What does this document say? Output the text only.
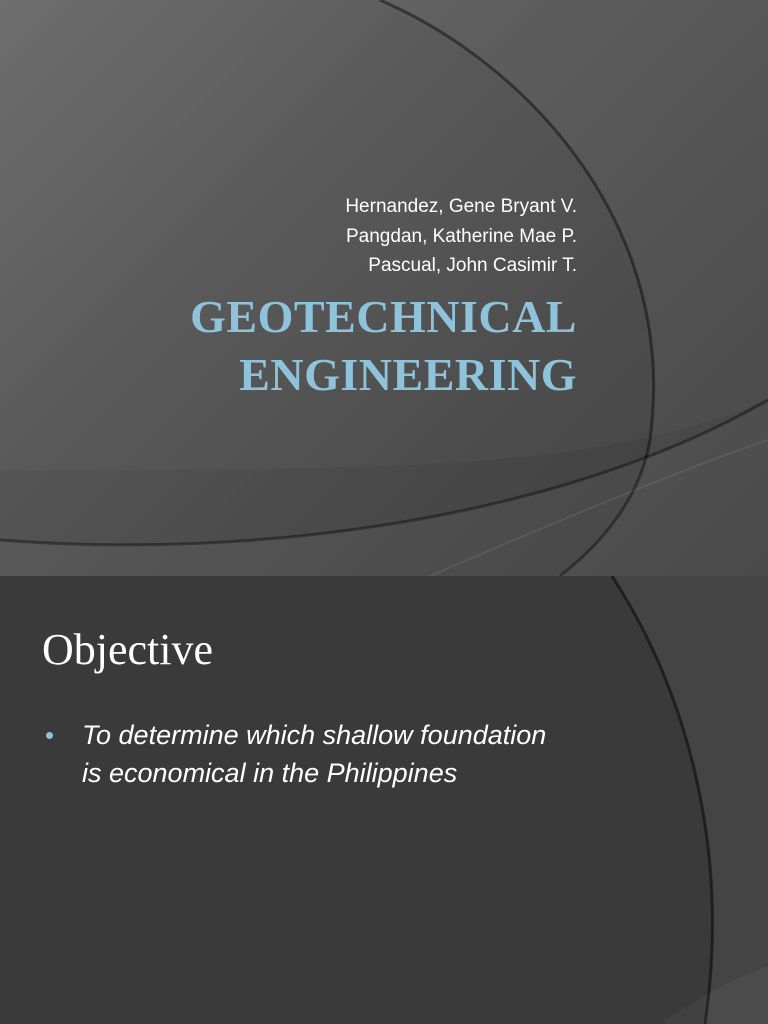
Hernandez, Gene Bryant V.
Pangdan, Katherine Mae P.
Pascual, John Casimir T.
GEOTECHNICAL
ENGINEERING
Objective
To determine which shallow foundation
is economical in the Philippines
